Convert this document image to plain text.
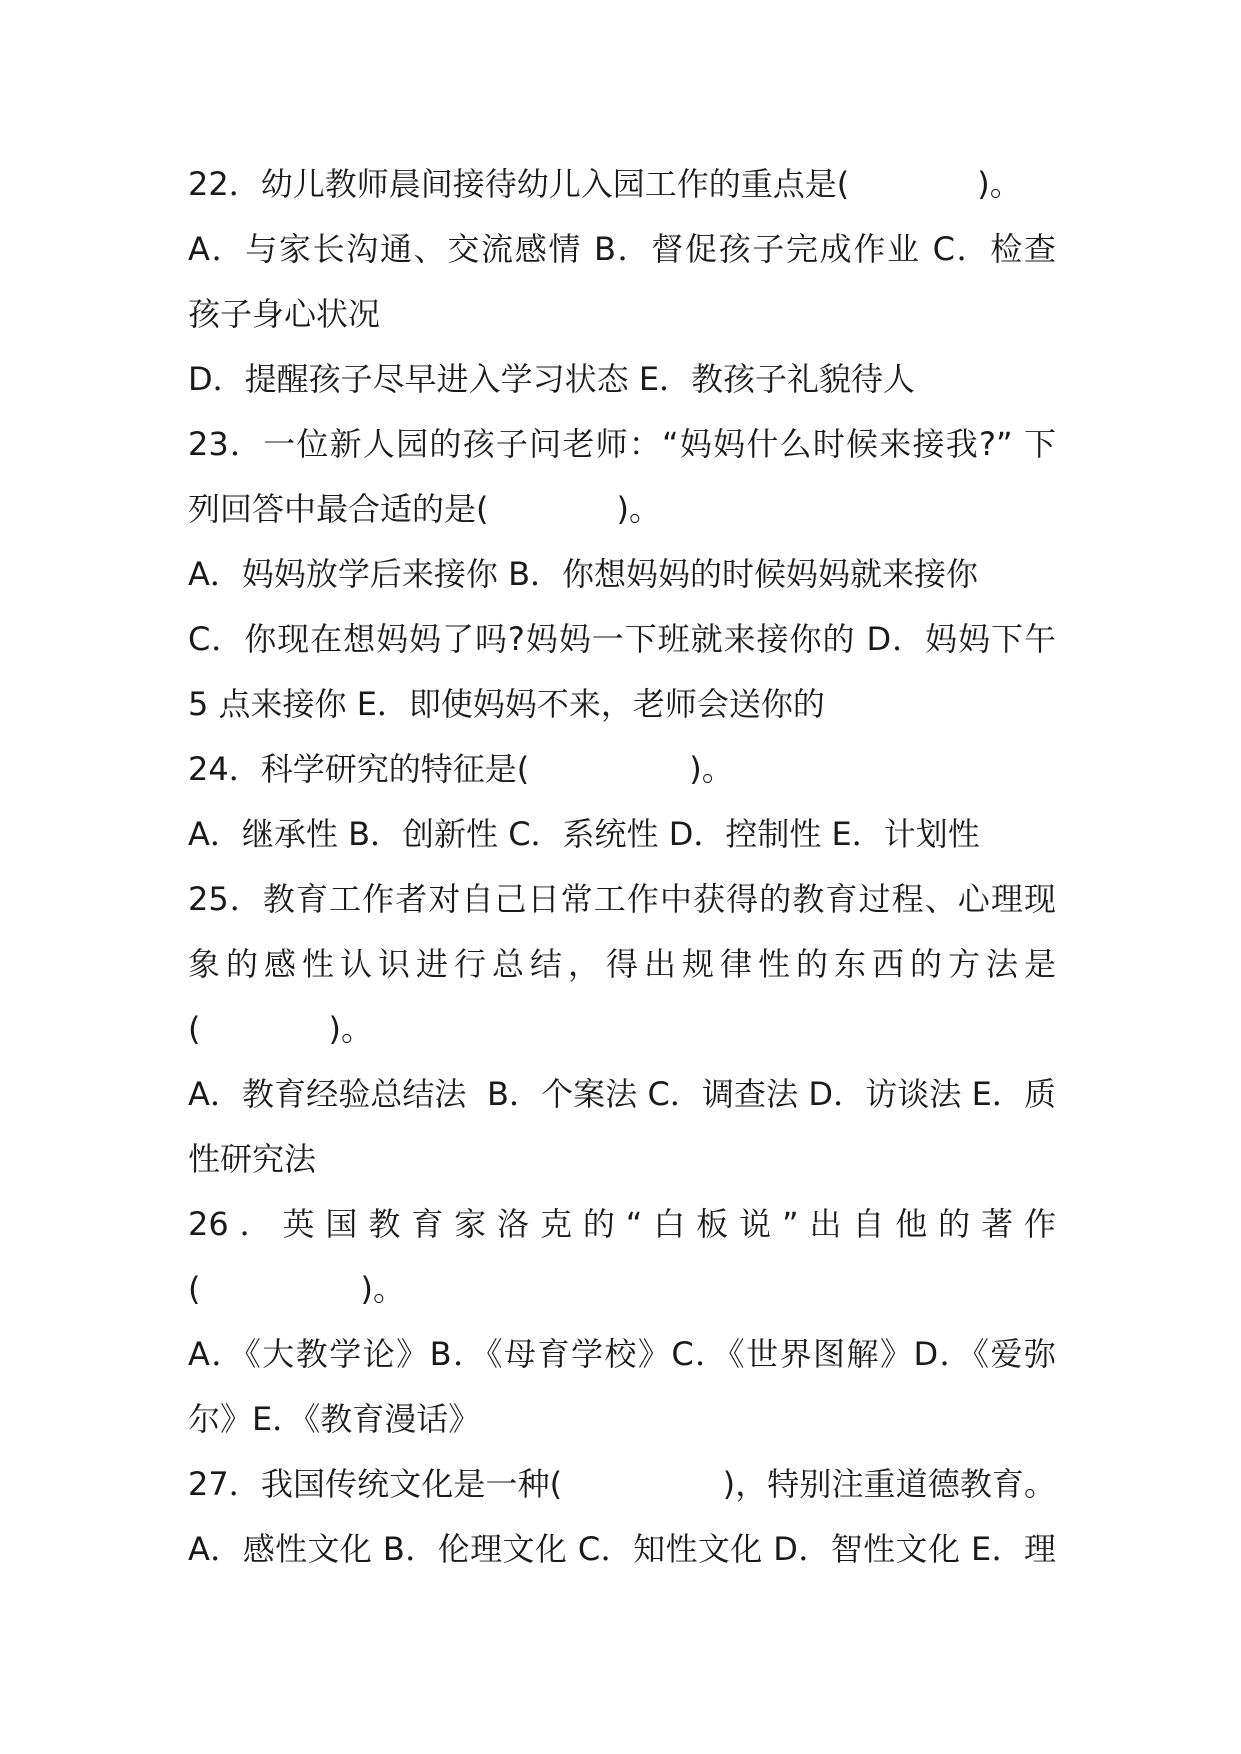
22．幼儿教师晨间接待幼儿入园工作的重点是(　　　　)。
A．与家长沟通、交流感情 B．督促孩子完成作业 C．检查
孩子身心状况
D．提醒孩子尽早进入学习状态 E．教孩子礼貌待人
23．一位新人园的孩子问老师：“妈妈什么时候来接我?” 下
列回答中最合适的是(　　　　)。
A．妈妈放学后来接你 B．你想妈妈的时候妈妈就来接你
C．你现在想妈妈了吗?妈妈一下班就来接你的 D．妈妈下午
5 点来接你 E．即使妈妈不来，老师会送你的
24．科学研究的特征是(　　　　　)。
A．继承性 B．创新性 C．系统性 D．控制性 E．计划性
25．教育工作者对自己日常工作中获得的教育过程、心理现
象的感性认识进行总结，得出规律性的东西的方法是
(　　　　)。
A．教育经验总结法  B．个案法 C．调查法 D．访谈法 E．质
性研究法
26．英国教育家洛克的“白板说”出自他的著作
(　　　　　)。
A．《大教学论》B．《母育学校》C．《世界图解》D．《爱弥
尔》E．《教育漫话》
27．我国传统文化是一种(　　　　　)，特别注重道德教育。
A．感性文化 B．伦理文化 C．知性文化 D．智性文化 E．理
